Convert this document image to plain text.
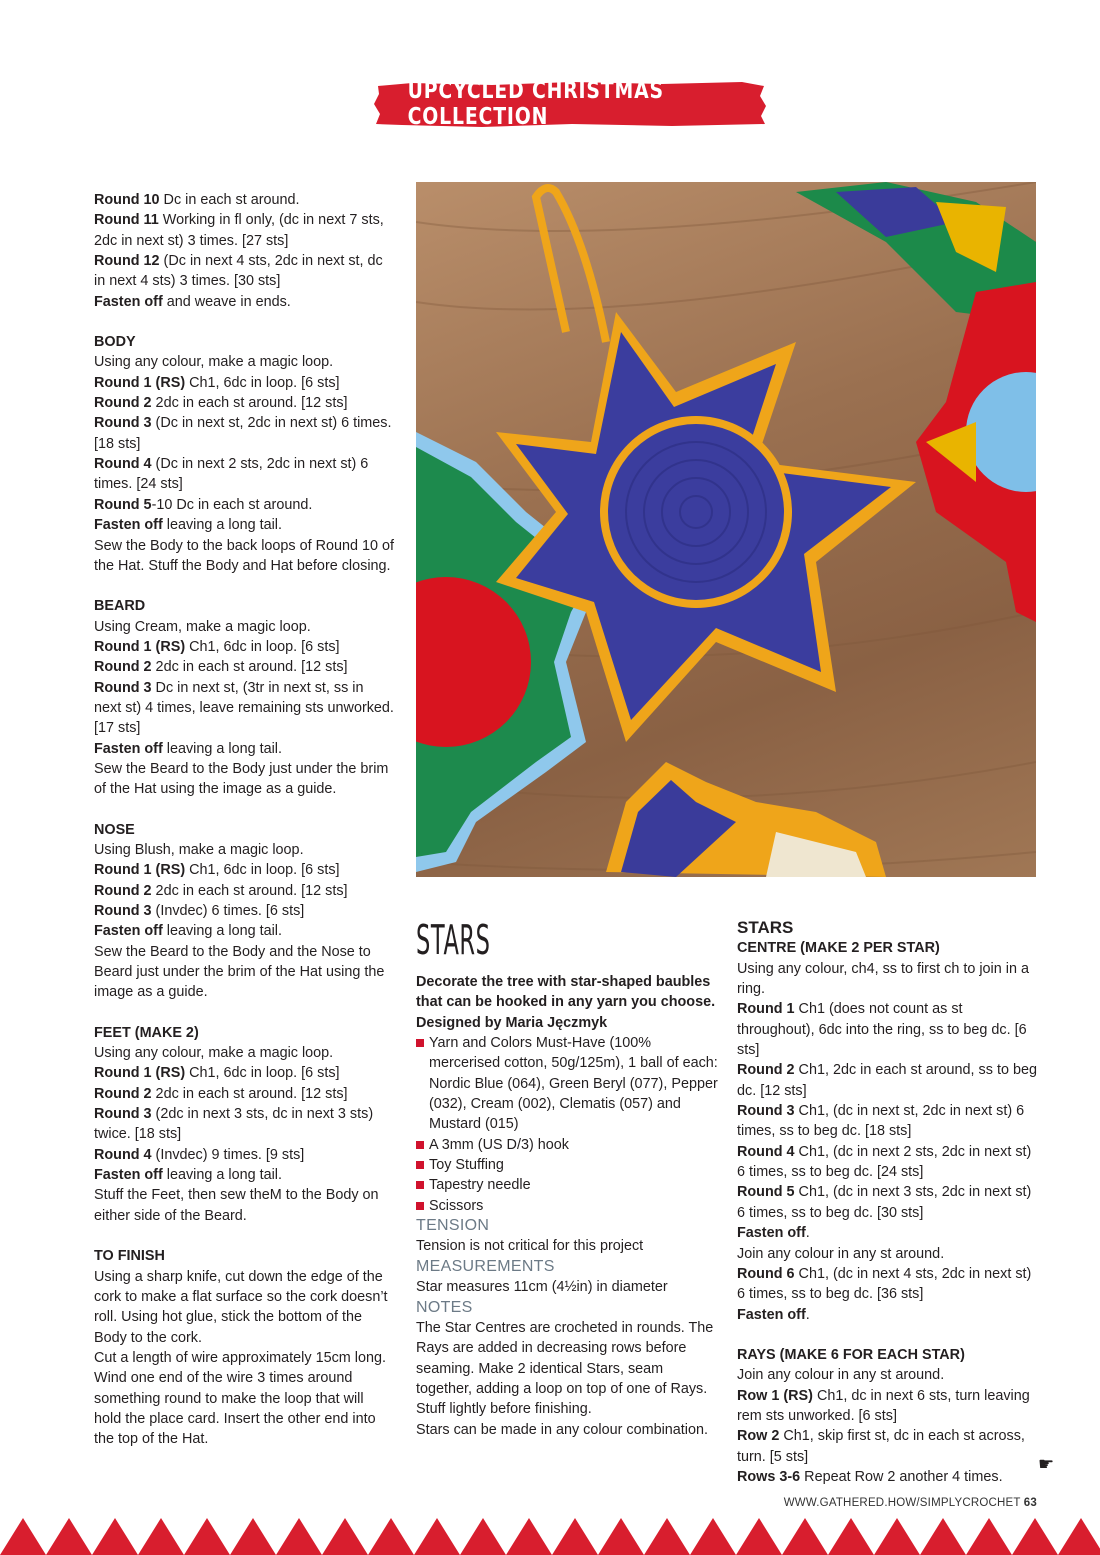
UPCYCLED CHRISTMAS COLLECTION

Round 10 Dc in each st around.

Round 11 Working in fl only, (dc in next 7 sts, 2dc in next st) 3 times. [27 sts]

Round 12 (Dc in next 4 sts, 2dc in next st, dc in next 4 sts) 3 times. [30 sts]

Fasten off and weave in ends.

BODY

Using any colour, make a magic loop.

Round 1 (RS) Ch1, 6dc in loop. [6 sts]

Round 2 2dc in each st around. [12 sts]

Round 3 (Dc in next st, 2dc in next st) 6 times. [18 sts]

Round 4 (Dc in next 2 sts, 2dc in next st) 6 times. [24 sts]

Round 5-10 Dc in each st around.

Fasten off leaving a long tail.

Sew the Body to the back loops of Round 10 of the Hat. Stuff the Body and Hat before closing.

BEARD

Using Cream, make a magic loop.

Round 1 (RS) Ch1, 6dc in loop. [6 sts]

Round 2 2dc in each st around. [12 sts]

Round 3 Dc in next st, (3tr in next st, ss in next st) 4 times, leave remaining sts unworked. [17 sts]

Fasten off leaving a long tail.

Sew the Beard to the Body just under the brim of the Hat using the image as a guide.

NOSE

Using Blush, make a magic loop.

Round 1 (RS) Ch1, 6dc in loop. [6 sts]

Round 2 2dc in each st around. [12 sts]

Round 3 (Invdec) 6 times. [6 sts]

Fasten off leaving a long tail.

Sew the Beard to the Body and the Nose to Beard just under the brim of the Hat using the image as a guide.

FEET (MAKE 2)

Using any colour, make a magic loop.

Round 1 (RS) Ch1, 6dc in loop. [6 sts]

Round 2 2dc in each st around. [12 sts]

Round 3 (2dc in next 3 sts, dc in next 3 sts) twice. [18 sts]

Round 4 (Invdec) 9 times. [9 sts]

Fasten off leaving a long tail.

Stuff the Feet, then sew theM to the Body on either side of the Beard.

TO FINISH

Using a sharp knife, cut down the edge of the cork to make a flat surface so the cork doesn’t roll. Using hot glue, stick the bottom of the Body to the cork.

Cut a length of wire approximately 15cm long. Wind one end of the wire 3 times around something round to make the loop that will hold the place card. Insert the other end into the top of the Hat.

STARS

Decorate the tree with star-shaped baubles that can be hooked in any yarn you choose. Designed by Maria Jęczmyk

Yarn and Colors Must-Have (100% mercerised cotton, 50g/125m), 1 ball of each: Nordic Blue (064), Green Beryl (077), Pepper (032), Cream (002), Clematis (057) and Mustard (015)
A 3mm (US D/3) hook
Toy Stuffing
Tapestry needle
Scissors

TENSION

Tension is not critical for this project

MEASUREMENTS

Star measures 11cm (4½in) in diameter

NOTES

The Star Centres are crocheted in rounds. The Rays are added in decreasing rows before seaming. Make 2 identical Stars, seam together, adding a loop on top of one of Rays. Stuff lightly before finishing.

Stars can be made in any colour combination.

STARS

CENTRE (MAKE 2 PER STAR)

Using any colour, ch4, ss to first ch to join in a ring.

Round 1 Ch1 (does not count as st throughout), 6dc into the ring, ss to beg dc. [6 sts]

Round 2 Ch1, 2dc in each st around, ss to beg dc. [12 sts]

Round 3 Ch1, (dc in next st, 2dc in next st) 6 times, ss to beg dc. [18 sts]

Round 4 Ch1, (dc in next 2 sts, 2dc in next st) 6 times, ss to beg dc. [24 sts]

Round 5 Ch1, (dc in next 3 sts, 2dc in next st) 6 times, ss to beg dc. [30 sts]

Fasten off.

Join any colour in any st around.

Round 6 Ch1, (dc in next 4 sts, 2dc in next st) 6 times, ss to beg dc. [36 sts]

Fasten off.

RAYS (MAKE 6 FOR EACH STAR)

Join any colour in any st around.

Row 1 (RS) Ch1, dc in next 6 sts, turn leaving rem sts unworked. [6 sts]

Row 2 Ch1, skip first st, dc in each st across, turn. [5 sts]

Rows 3-6 Repeat Row 2 another 4 times.

☛
WWW.GATHERED.HOW/SIMPLYCROCHET 63
